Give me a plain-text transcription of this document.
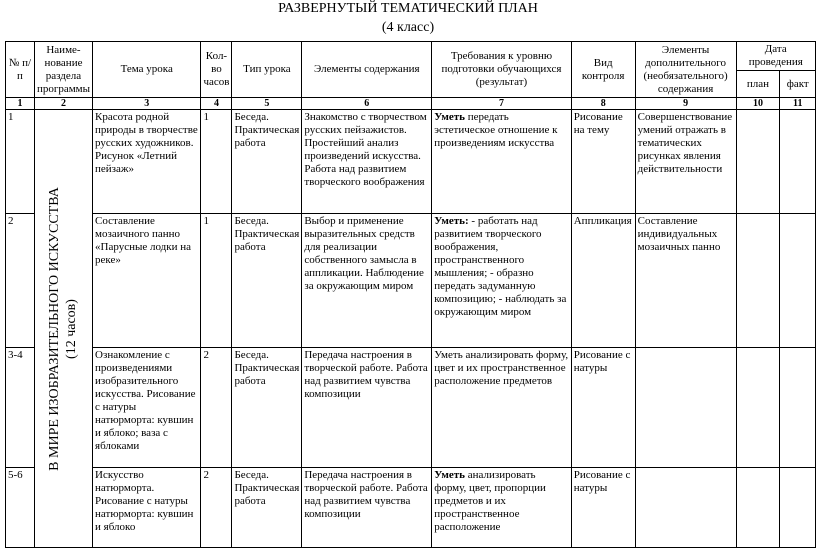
РАЗВЕРНУТЫЙ ТЕМАТИЧЕСКИЙ ПЛАН
(4 класс)
№ п/п	Наиме-нование раздела программы	Тема урока	Кол-во часов	Тип урока	Элементы содержания	Требования к уровню подготовки обучающихся (результат)	Вид контроля	Элементы дополнительного (необязательного) содержания	Дата проведения	
									план	факт
1	2	3	4	5	6	7	8	9	10	11
1	В МИРЕ ИЗОБРАЗИТЕЛЬНОГО ИСКУССТВА (12 часов)	Красота родной природы в творчестве русских художников. Рисунок «Летний пейзаж»	1	Беседа. Практическая работа	Знакомство с творчеством русских пейзажистов. Простейший анализ произведений искусства. Работа над развитием творческого воображения	Уметь передать эстетическое отношение к произведениям искусства	Рисование на тему	Совершенствование умений отражать в тематических рисунках явления действительности		
2		Составление мозаичного панно «Парусные лодки на реке»	1	Беседа. Практическая работа	Выбор и применение выразительных средств для реализации собственного замысла в аппликации. Наблюдение за окружающим миром	Уметь: - работать над развитием творческого воображения, пространственного мышления; - образно передать задуманную композицию; - наблюдать за окружающим миром	Аппликация	Составление индивидуальных мозаичных панно		
3-4		Ознакомление с произведениями изобразительного искусства. Рисование с натуры натюрморта: кувшин и яблоко; ваза с яблоками	2	Беседа. Практическая работа	Передача настроения в творческой работе. Работа над развитием чувства композиции	Уметь анализировать форму, цвет и их пространственное расположение предметов	Рисование с натуры			
5-6		Искусство натюрморта. Рисование с натуры натюрморта: кувшин и яблоко	2	Беседа. Практическая работа	Передача настроения в творческой работе. Работа над развитием чувства композиции	Уметь анализировать форму, цвет, пропорции предметов и их пространственное расположение	Рисование с натуры			
